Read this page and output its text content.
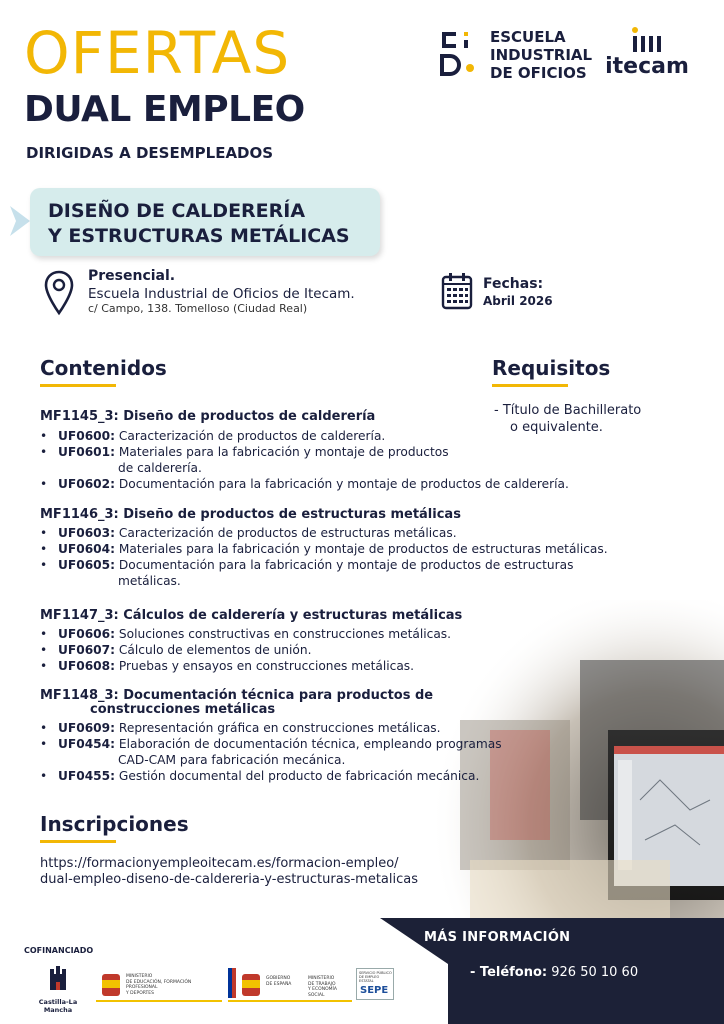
OFERTAS
DUAL EMPLEO
DIRIGIDAS A DESEMPLEADOS
ESCUELA
INDUSTRIAL
DE OFICIOS itecam
DISEÑO DE CALDERERÍA
Y ESTRUCTURAS METÁLICAS
Presencial.
Escuela Industrial de Oficios de Itecam.
c/ Campo, 138. Tomelloso (Ciudad Real)
Fechas:
Abril 2026
Contenidos	Requisitos
- Título de Bachillerato
o equivalente.
MF1145_3: Diseño de productos de calderería
• UF0600: Caracterización de productos de calderería.
• UF0601: Materiales para la fabricación y montaje de productos
de calderería.
• UF0602: Documentación para la fabricación y montaje de productos de calderería.
MF1146_3: Diseño de productos de estructuras metálicas
• UF0603: Caracterización de productos de estructuras metálicas.
• UF0604: Materiales para la fabricación y montaje de productos de estructuras metálicas.
• UF0605: Documentación para la fabricación y montaje de productos de estructuras
metálicas.
MF1147_3: Cálculos de calderería y estructuras metálicas
• UF0606: Soluciones constructivas en construcciones metálicas.
• UF0607: Cálculo de elementos de unión.
• UF0608: Pruebas y ensayos en construcciones metálicas.
MF1148_3: Documentación técnica para productos de
construcciones metálicas
• UF0609: Representación gráfica en construcciones metálicas.
• UF0454: Elaboración de documentación técnica, empleando programas
CAD-CAM para fabricación mecánica.
• UF0455: Gestión documental del producto de fabricación mecánica.
Inscripciones
https://formacionyempleoitecam.es/formacion-empleo/
dual-empleo-diseno-de-caldereria-y-estructuras-metalicas
MÁS INFORMACIÓN
- Teléfono: 926 50 10 60
COFINANCIADO
Castilla-La Mancha
MINISTERIO
DE EDUCACIÓN, FORMACIÓN PROFESIONAL
Y DEPORTES
GOBIERNO
DE ESPAÑA
MINISTERIO
DE TRABAJO
Y ECONOMÍA SOCIAL
SERVICIO PÚBLICO DE EMPLEO ESTATAL
SEPE
